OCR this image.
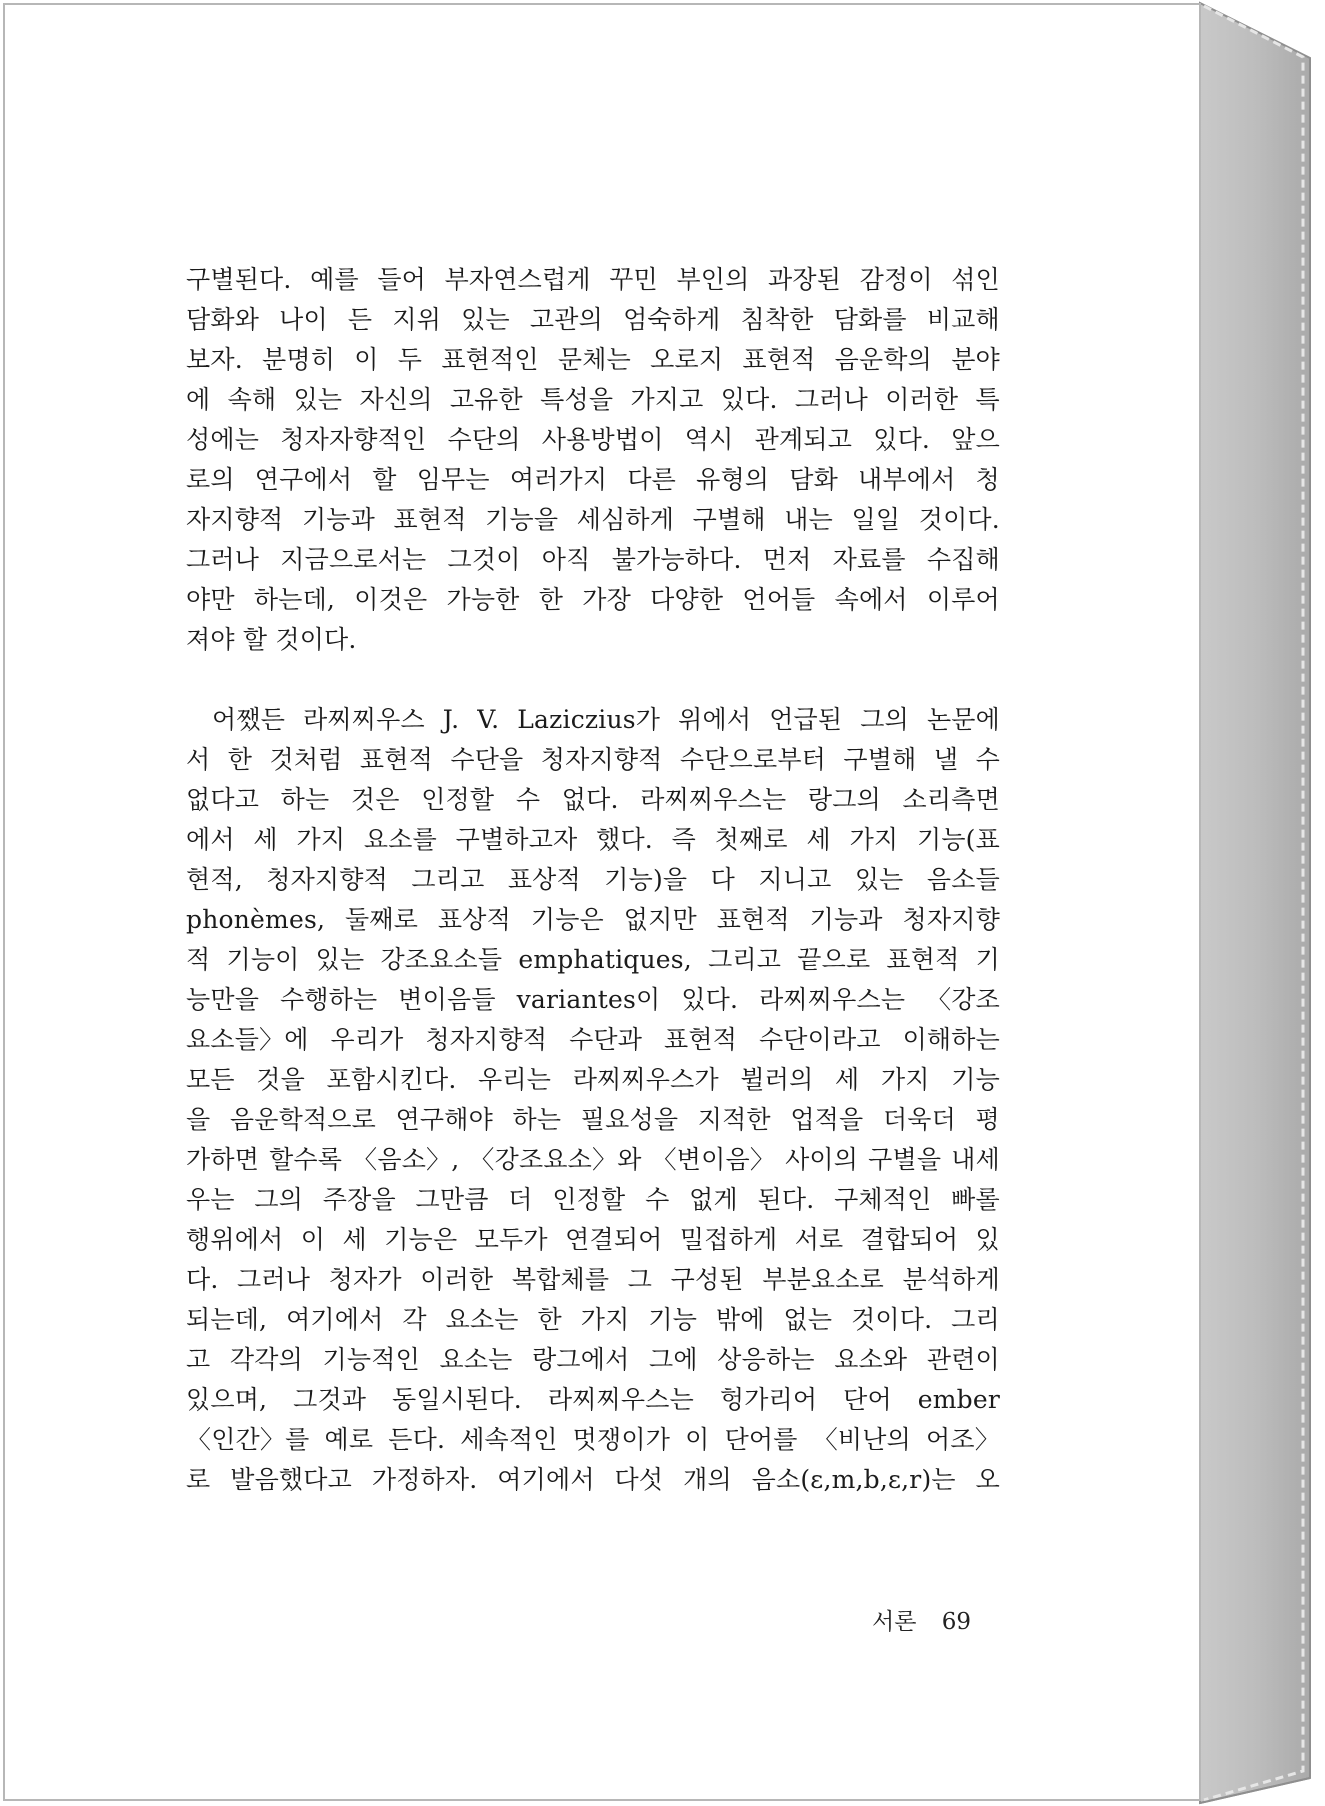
구별된다. 예를 들어 부자연스럽게 꾸민 부인의 과장된 감정이 섞인
담화와 나이 든 지위 있는 고관의 엄숙하게 침착한 담화를 비교해
보자. 분명히 이 두 표현적인 문체는 오로지 표현적 음운학의 분야
에 속해 있는 자신의 고유한 특성을 가지고 있다. 그러나 이러한 특
성에는 청자자향적인 수단의 사용방법이 역시 관계되고 있다. 앞으
로의 연구에서 할 임무는 여러가지 다른 유형의 담화 내부에서 청
자지향적 기능과 표현적 기능을 세심하게 구별해 내는 일일 것이다.
그러나 지금으로서는 그것이 아직 불가능하다. 먼저 자료를 수집해
야만 하는데, 이것은 가능한 한 가장 다양한 언어들 속에서 이루어
져야 할 것이다.
어쨌든 라찌찌우스 J. V. Laziczius가 위에서 언급된 그의 논문에
서 한 것처럼 표현적 수단을 청자지향적 수단으로부터 구별해 낼 수
없다고 하는 것은 인정할 수 없다. 라찌찌우스는 랑그의 소리측면
에서 세 가지 요소를 구별하고자 했다. 즉 첫째로 세 가지 기능(표
현적, 청자지향적 그리고 표상적 기능)을 다 지니고 있는 음소들
phonèmes, 둘째로 표상적 기능은 없지만 표현적 기능과 청자지향
적 기능이 있는 강조요소들 emphatiques, 그리고 끝으로 표현적 기
능만을 수행하는 변이음들 variantes이 있다. 라찌찌우스는 〈강조
요소들〉에 우리가 청자지향적 수단과 표현적 수단이라고 이해하는
모든 것을 포함시킨다. 우리는 라찌찌우스가 뷜러의 세 가지 기능
을 음운학적으로 연구해야 하는 필요성을 지적한 업적을 더욱더 평
가하면 할수록 〈음소〉, 〈강조요소〉와 〈변이음〉 사이의 구별을 내세
우는 그의 주장을 그만큼 더 인정할 수 없게 된다. 구체적인 빠롤
행위에서 이 세 기능은 모두가 연결되어 밀접하게 서로 결합되어 있
다. 그러나 청자가 이러한 복합체를 그 구성된 부분요소로 분석하게
되는데, 여기에서 각 요소는 한 가지 기능 밖에 없는 것이다. 그리
고 각각의 기능적인 요소는 랑그에서 그에 상응하는 요소와 관련이
있으며, 그것과 동일시된다. 라찌찌우스는 헝가리어 단어 ember
〈인간〉를 예로 든다. 세속적인 멋쟁이가 이 단어를 〈비난의 어조〉
로 발음했다고 가정하자. 여기에서 다섯 개의 음소(ε,m,b,ε,r)는 오
서론 69
